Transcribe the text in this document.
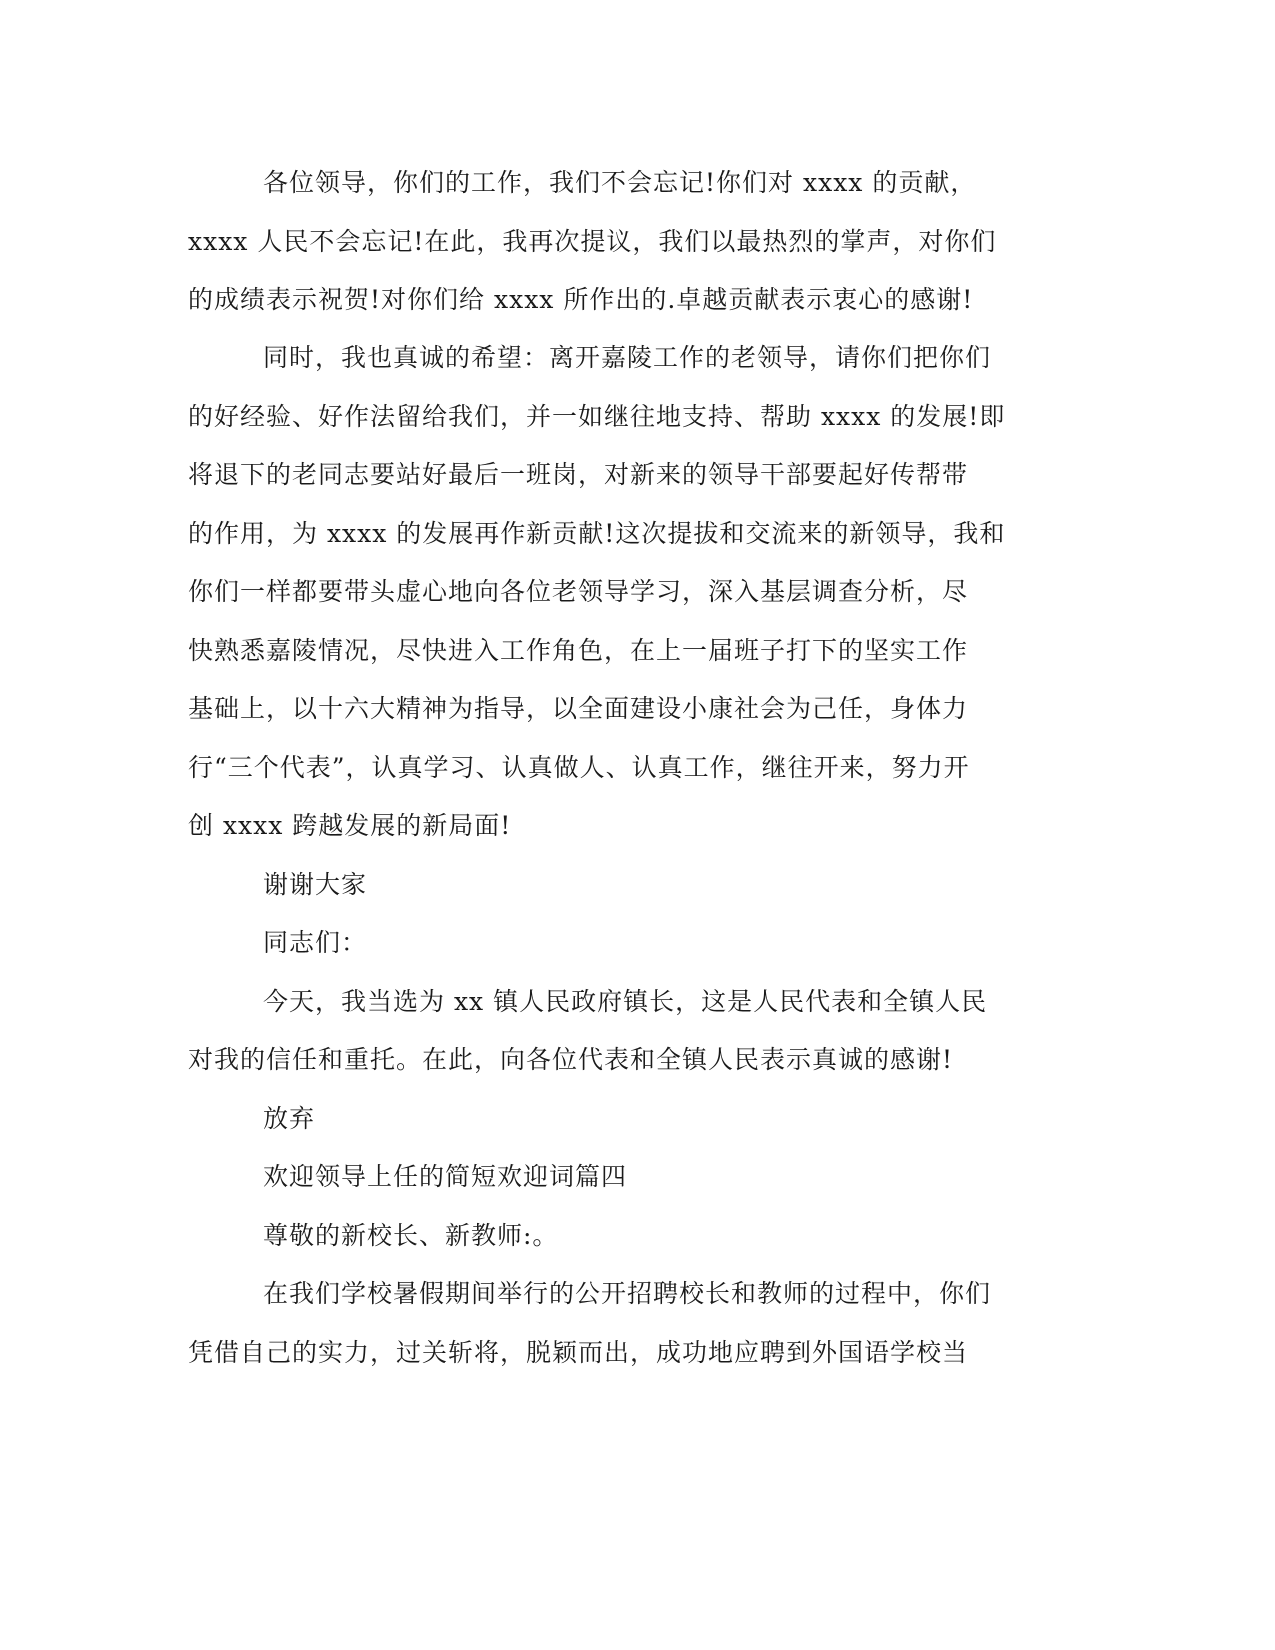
各位领导，你们的工作，我们不会忘记!你们对 xxxx 的贡献，
xxxx 人民不会忘记!在此，我再次提议，我们以最热烈的掌声，对你们
的成绩表示祝贺!对你们给 xxxx 所作出的.卓越贡献表示衷心的感谢!
同时，我也真诚的希望：离开嘉陵工作的老领导，请你们把你们
的好经验、好作法留给我们，并一如继往地支持、帮助 xxxx 的发展!即
将退下的老同志要站好最后一班岗，对新来的领导干部要起好传帮带
的作用，为 xxxx 的发展再作新贡献!这次提拔和交流来的新领导，我和
你们一样都要带头虚心地向各位老领导学习，深入基层调查分析，尽
快熟悉嘉陵情况，尽快进入工作角色，在上一届班子打下的坚实工作
基础上，以十六大精神为指导，以全面建设小康社会为己任，身体力
行“三个代表”，认真学习、认真做人、认真工作，继往开来，努力开
创 xxxx 跨越发展的新局面!
谢谢大家
同志们：
今天，我当选为 xx 镇人民政府镇长，这是人民代表和全镇人民
对我的信任和重托。在此，向各位代表和全镇人民表示真诚的感谢!
放弃
欢迎领导上任的简短欢迎词篇四
尊敬的新校长、新教师:。
在我们学校暑假期间举行的公开招聘校长和教师的过程中，你们
凭借自己的实力，过关斩将，脱颖而出，成功地应聘到外国语学校当
